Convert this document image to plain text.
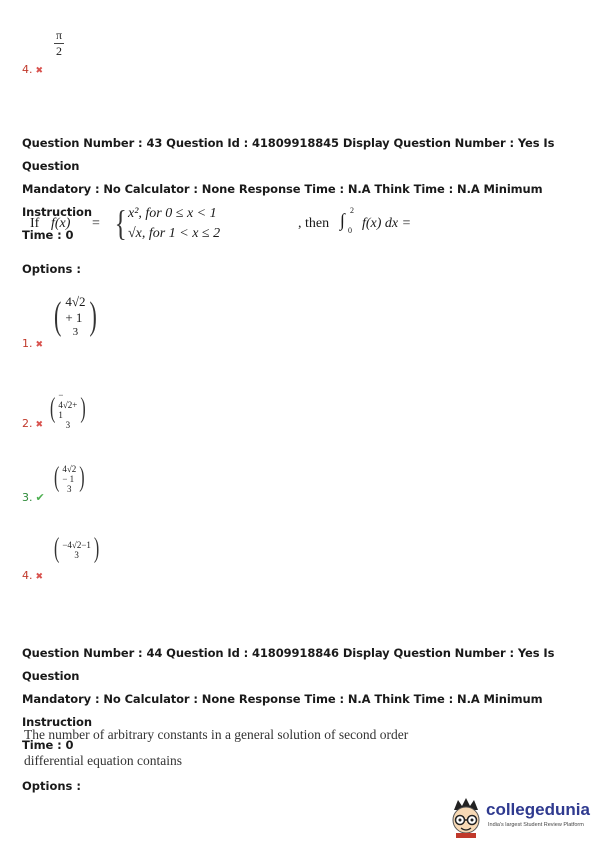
$\frac{\pi}{2}$
4. ✖
Question Number : 43 Question Id : 41809918845 Display Question Number : Yes Is Question
Mandatory : No Calculator : None Response Time : N.A Think Time : N.A Minimum Instruction
Time : 0
If f(x) = { x², for 0 ≤ x < 1
√x, for 1 < x ≤ 2
, then ∫ 2
0 f(x) dx =
Options :
( 4√2 + 1
3 )
1. ✖
( − 4√2+ 1
3
)
2. ✖
( 4√2 − 1
3 )
3. ✔
( −4√2−1
3 )
4. ✖
Question Number : 44 Question Id : 41809918846 Display Question Number : Yes Is Question
Mandatory : No Calculator : None Response Time : N.A Think Time : N.A Minimum Instruction
Time : 0
The number of arbitrary constants in a general solution of second order
differential equation contains
Options :
collegedunia
India's largest Student Review Platform
